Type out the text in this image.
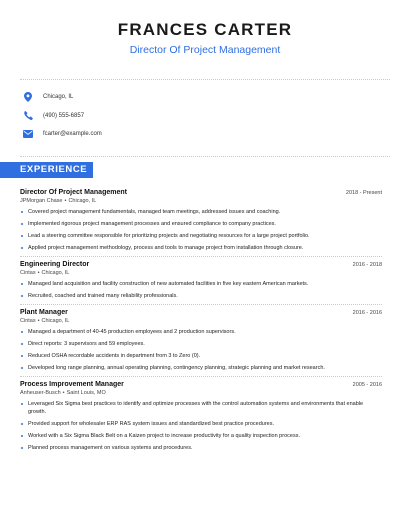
FRANCES CARTER
Director Of Project Management
Chicago, IL
(490) 555-6857
fcarter@example.com
EXPERIENCE
Director Of Project Management	2018 - Present
JPMorgan Chase • Chicago, IL
Covered project management fundamentals, managed team meetings, addressed issues and coaching.
Implemented rigorous project management processes and ensured compliance to company practices.
Lead a steering committee responsible for prioritizing projects and negotiating resources for a large project portfolio.
Applied project management methodology, process and tools to manage project from installation through closure.
Engineering Director	2016 - 2018
Cintas • Chicago, IL
Managed land acquisition and facility construction of new automated facilities in five key eastern American markets.
Recruited, coached and trained many reliability professionals.
Plant Manager	2016 - 2016
Cintas • Chicago, IL
Managed a department of 40-45 production employees and 2 production supervisors.
Direct reports: 3 supervisors and 59 employees.
Reduced OSHA recordable accidents in department from 3 to Zero (0).
Developed long range planning, annual operating planning, contingency planning, strategic planning and market research.
Process Improvement Manager	2005 - 2016
Anheuser-Busch • Saint Louis, MO
Leveraged Six Sigma best practices to identify and optimize processes with the control automation systems and environments that enable growth.
Provided support for wholesaler ERP RAS system issues and standardized best practice procedures.
Worked with a Six Sigma Black Belt on a Kaizen project to increase productivity for a quality inspection process.
Planned process management on various systems and procedures.
